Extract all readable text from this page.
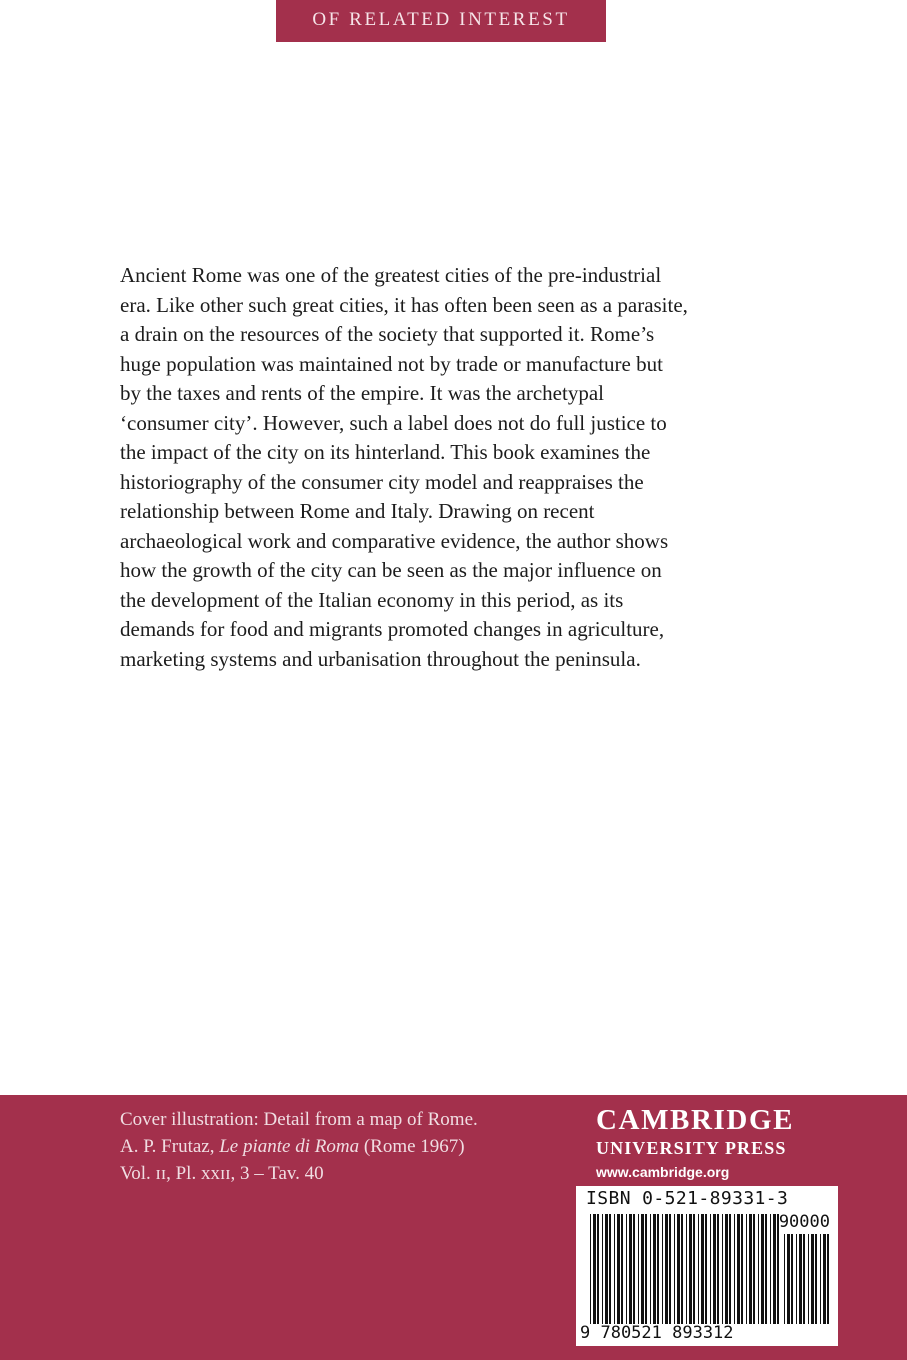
OF RELATED INTEREST
Ancient Rome was one of the greatest cities of the pre-industrial
era. Like other such great cities, it has often been seen as a parasite,
a drain on the resources of the society that supported it. Rome’s
huge population was maintained not by trade or manufacture but
by the taxes and rents of the empire. It was the archetypal
‘consumer city’. However, such a label does not do full justice to
the impact of the city on its hinterland. This book examines the
historiography of the consumer city model and reappraises the
relationship between Rome and Italy. Drawing on recent
archaeological work and comparative evidence, the author shows
how the growth of the city can be seen as the major influence on
the development of the Italian economy in this period, as its
demands for food and migrants promoted changes in agriculture,
marketing systems and urbanisation throughout the peninsula.
Cover illustration: Detail from a map of Rome.
A. P. Frutaz, Le piante di Roma (Rome 1967)
Vol. ɪɪ, Pl. xxɪɪ, 3 – Tav. 40
CAMBRIDGE
UNIVERSITY PRESS
www.cambridge.org
ISBN 0-521-89331-3
90000
9 780521 893312
